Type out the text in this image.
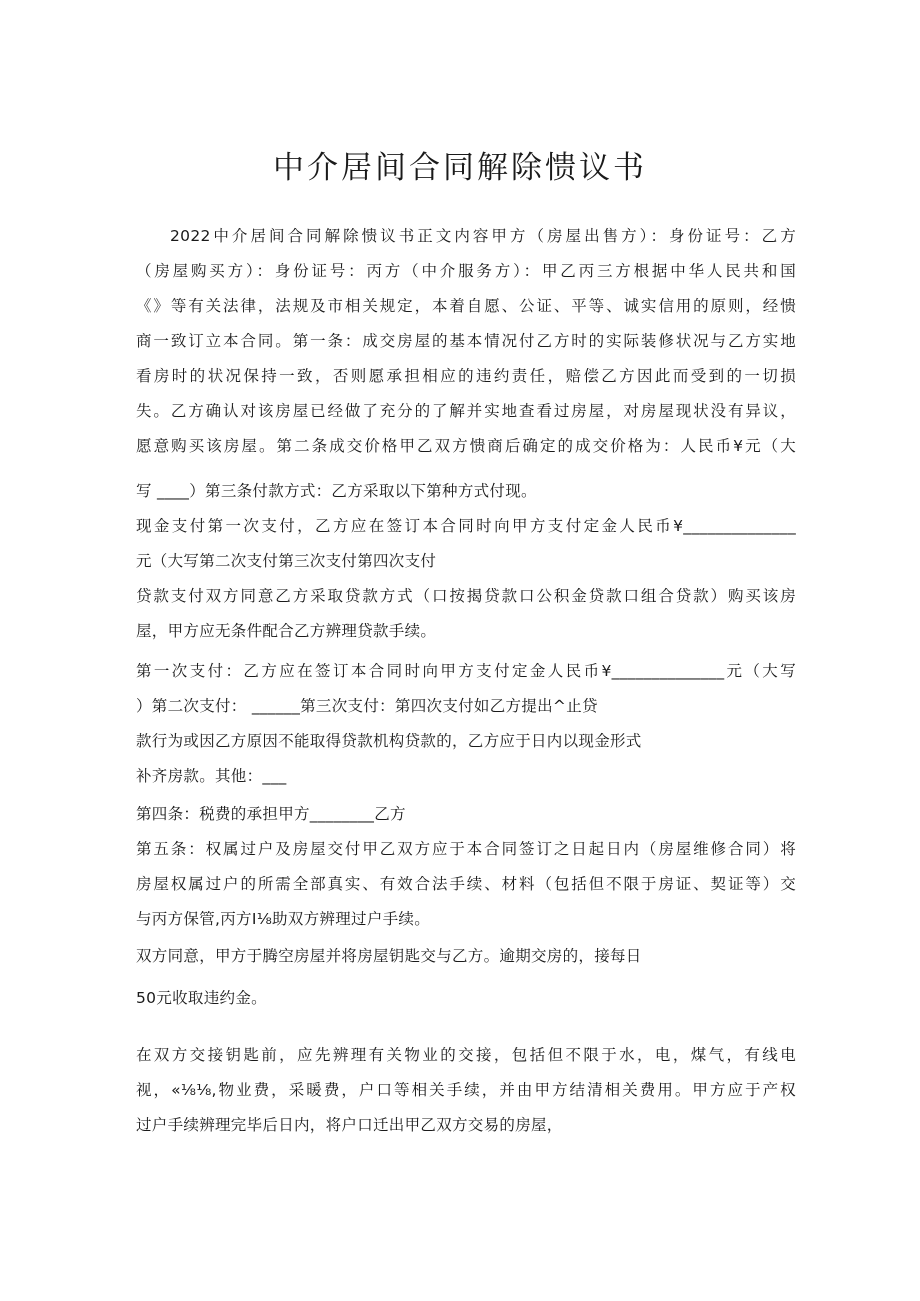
中介居间合同解除愦议书
2022中介居间合同解除愦议书正文内容甲方（房屋出售方）：身份证号：乙方
（房屋购买方）：身份证号：丙方（中介服务方）：甲乙丙三方根据中华人民共和国
《》等有关法律，法规及市相关规定，本着自愿、公证、平等、诚实信用的原则，经愦
商一致订立本合同。第一条：成交房屋的基本情况付乙方时的实际装修状况与乙方实地
看房时的状况保持一致，否则愿承担相应的违约责任，赔偿乙方因此而受到的一切损
失。乙方确认对该房屋已经做了充分的了解并实地查看过房屋，对房屋现状没有异议，
愿意购买该房屋。第二条成交价格甲乙双方愦商后确定的成交价格为：人民币¥元（大
写 ____）第三条付款方式：乙方采取以下第种方式付现。
现金支付第一次支付，乙方应在签订本合同时向甲方支付定金人民币¥______________
元（大写第二次支付第三次支付第四次支付
贷款支付双方同意乙方采取贷款方式（口按揭贷款口公积金贷款口组合贷款）购买该房
屋，甲方应无条件配合乙方辨理贷款手续。
第一次支付：乙方应在签订本合同时向甲方支付定金人民币¥______________元（大写
）第二次支付： ______第三次支付：第四次支付如乙方提出^止贷
款行为或因乙方原因不能取得贷款机构贷款的，乙方应于日内以现金形式
补齐房款。其他：___
第四条：税费的承担甲方________乙方
第五条：权属过户及房屋交付甲乙双方应于本合同签订之日起日内（房屋维修合同）将
房屋权属过户的所需全部真实、有效合法手续、材料（包括但不限于房证、契证等）交
与丙方保管,丙方I⅛助双方辨理过户手续。
双方同意，甲方于腾空房屋并将房屋钥匙交与乙方。逾期交房的，接每日
50元收取违约金。
在双方交接钥匙前，应先辨理有关物业的交接，包括但不限于水，电，煤气，有线电
视，«⅛⅛,物业费，采暖费，户口等相关手续，并由甲方结清相关费用。甲方应于产权
过户手续辨理完毕后日内，将户口迁出甲乙双方交易的房屋，
